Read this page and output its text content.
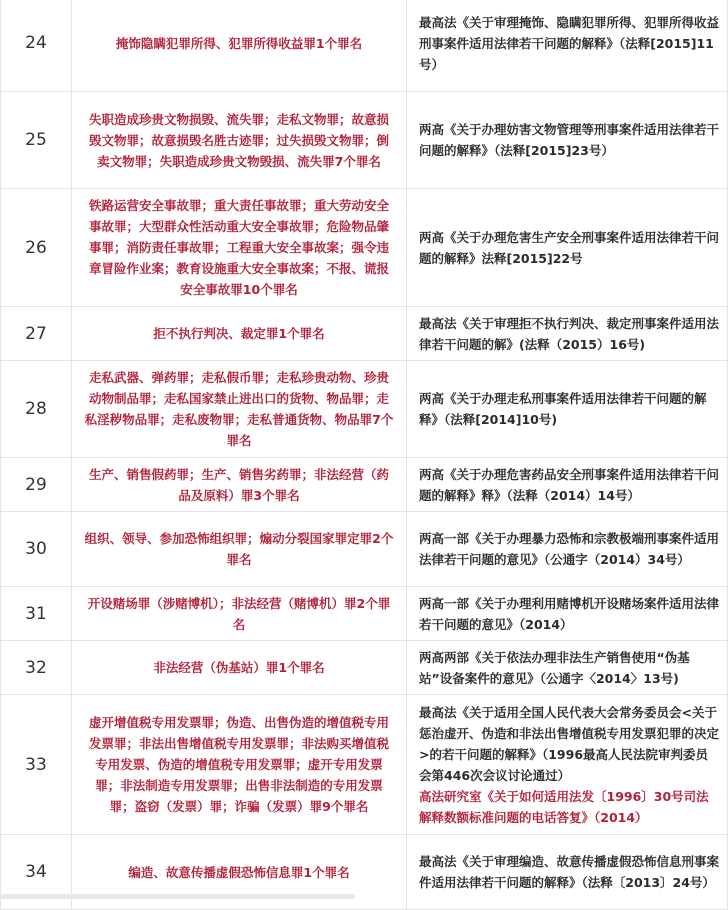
24	掩饰隐瞒犯罪所得、犯罪所得收益罪1个罪名	最高法《关于审理掩饰、隐瞒犯罪所得、犯罪所得收益刑事案件适用法律若干问题的解释》（法释[2015]11号）

25	失职造成珍贵文物损毁、流失罪；走私文物罪；故意损毁文物罪；故意损毁名胜古迹罪；过失损毁文物罪；倒卖文物罪；失职造成珍贵文物毁损、流失罪7个罪名	两高《关于办理妨害文物管理等刑事案件适用法律若干问题的解释》（法释[2015]23号）

26	铁路运营安全事故罪；重大责任事故罪；重大劳动安全事故罪；大型群众性活动重大安全事故罪；危险物品肇事罪；消防责任事故罪；工程重大安全事故案；强令违章冒险作业案；教育设施重大安全事故案；不报、谎报安全事故罪10个罪名	两高《关于办理危害生产安全刑事案件适用法律若干问题的解释》法释[2015]22号

27	拒不执行判决、裁定罪1个罪名	最高法《关于审理拒不执行判决、裁定刑事案件适用法律若干问题的解》(法释（2015）16号)

28	走私武器、弹药罪；走私假币罪；走私珍贵动物、珍贵动物制品罪；走私国家禁止进出口的货物、物品罪；走私淫秽物品罪；走私废物罪；走私普通货物、物品罪7个罪名	两高《关于办理走私刑事案件适用法律若干问题的解释》（法释[2014]10号)

29	生产、销售假药罪；生产、销售劣药罪；非法经营（药品及原料）罪3个罪名	两高《关于办理危害药品安全刑事案件适用法律若干问题的解释》释》（法释（2014）14号）

30	组织、领导、参加恐怖组织罪；煽动分裂国家罪定罪2个罪名	两高一部《关于办理暴力恐怖和宗教极端刑事案件适用法律若干问题的意见》（公通字（2014）34号）

31	开设赌场罪（涉赌博机）；非法经营（赌博机）罪2个罪名	两高一部《关于办理利用赌博机开设赌场案件适用法律若干问题的意见》（2014）

32	非法经营（伪基站）罪1个罪名	两高两部《关于依法办理非法生产销售使用“伪基站”设备案件的意见》（公通字〈2014〉13号)

33	虚开增值税专用发票罪；伪造、出售伪造的增值税专用发票罪；非法出售增值税专用发票罪；非法购买增值税专用发票、伪造的增值税专用发票罪；虚开专用发票罪；非法制造专用发票罪；出售非法制造的专用发票罪；盗窃（发票）罪；诈骗（发票）罪9个罪名	最高法《关于适用全国人民代表大会常务委员会<关于惩治虚开、伪造和非法出售增值税专用发票犯罪的决定>的若干问题的解释》（1996最高人民法院审判委员会第446次会议讨论通过）
高法研究室《关于如何适用法发〔1996〕30号司法解释数额标准问题的电话答复》（2014）

34	编造、故意传播虚假恐怖信息罪1个罪名	最高法《关于审理编造、故意传播虚假恐怖信息刑事案件适用法律若干问题的解释》（法释〔2013〕24号）
